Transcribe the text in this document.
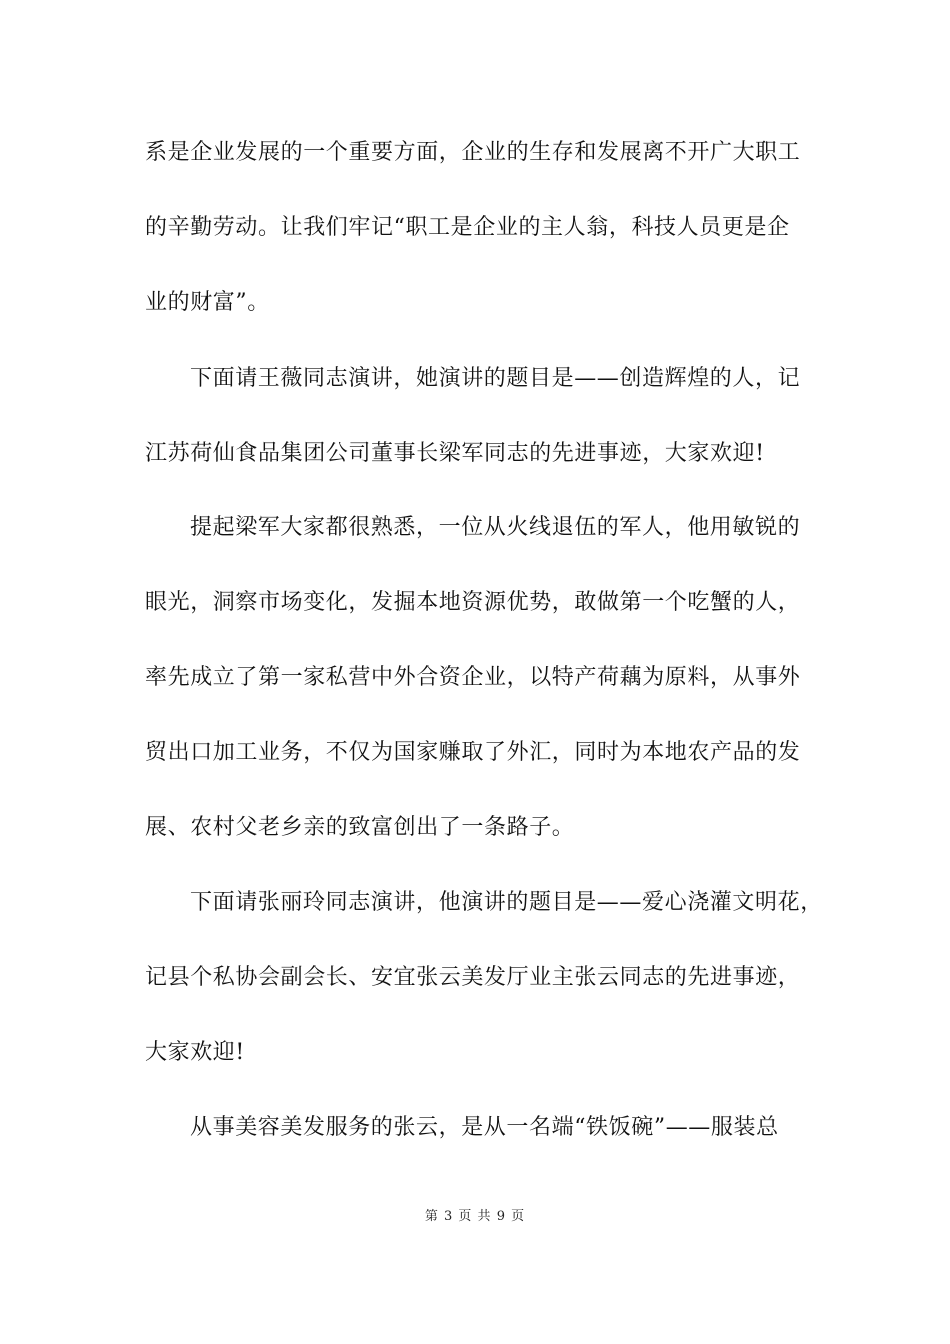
系是企业发展的一个重要方面，企业的生存和发展离不开广大职工
的辛勤劳动。让我们牢记“职工是企业的主人翁，科技人员更是企
业的财富”。
下面请王薇同志演讲，她演讲的题目是——创造辉煌的人，记
江苏荷仙食品集团公司董事长梁军同志的先进事迹，大家欢迎!
提起梁军大家都很熟悉，一位从火线退伍的军人，他用敏锐的
眼光，洞察市场变化，发掘本地资源优势，敢做第一个吃蟹的人，
率先成立了第一家私营中外合资企业，以特产荷藕为原料，从事外
贸出口加工业务，不仅为国家赚取了外汇，同时为本地农产品的发
展、农村父老乡亲的致富创出了一条路子。
下面请张丽玲同志演讲，他演讲的题目是——爱心浇灌文明花，
记县个私协会副会长、安宜张云美发厅业主张云同志的先进事迹，
大家欢迎!
从事美容美发服务的张云，是从一名端“铁饭碗”——服装总
第 3 页 共 9 页
